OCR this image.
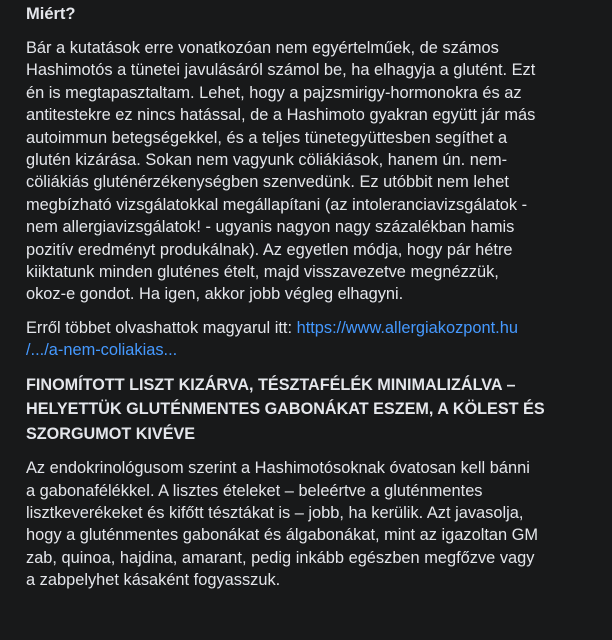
Miért?

Bár a kutatások erre vonatkozóan nem egyértelműek, de számos
Hashimotós a tünetei javulásáról számol be, ha elhagyja a glutént. Ezt
én is megtapasztaltam. Lehet, hogy a pajzsmirigy-hormonokra és az
antitestekre ez nincs hatással, de a Hashimoto gyakran együtt jár más
autoimmun betegségekkel, és a teljes tünetegyüttesben segíthet a
glutén kizárása. Sokan nem vagyunk cöliákiások, hanem ún. nem-
cöliákiás gluténérzékenységben szenvedünk. Ez utóbbit nem lehet
megbízható vizsgálatokkal megállapítani (az intoleranciavizsgálatok -
nem allergiavizsgálatok! - ugyanis nagyon nagy százalékban hamis
pozitív eredményt produkálnak). Az egyetlen módja, hogy pár hétre
kiiktatunk minden gluténes ételt, majd visszavezetve megnézzük,
okoz-e gondot. Ha igen, akkor jobb végleg elhagyni.

Erről többet olvashattok magyarul itt: https://www.allergiakozpont.hu
/.../a-nem-coliakias...

FINOMÍTOTT LISZT KIZÁRVA, TÉSZTAFÉLÉK MINIMALIZÁLVA –
HELYETTÜK GLUTÉNMENTES GABONÁKAT ESZEM, A KÖLEST ÉS
SZORGUMOT KIVÉVE

Az endokrinológusom szerint a Hashimotósoknak óvatosan kell bánni
a gabonafélékkel. A lisztes ételeket – beleértve a gluténmentes
lisztkeverékeket és kifőtt tésztákat is – jobb, ha kerülik. Azt javasolja,
hogy a gluténmentes gabonákat és álgabonákat, mint az igazoltan GM
zab, quinoa, hajdina, amarant, pedig inkább egészben megfőzve vagy
a zabpelyhet kásaként fogyasszuk.
